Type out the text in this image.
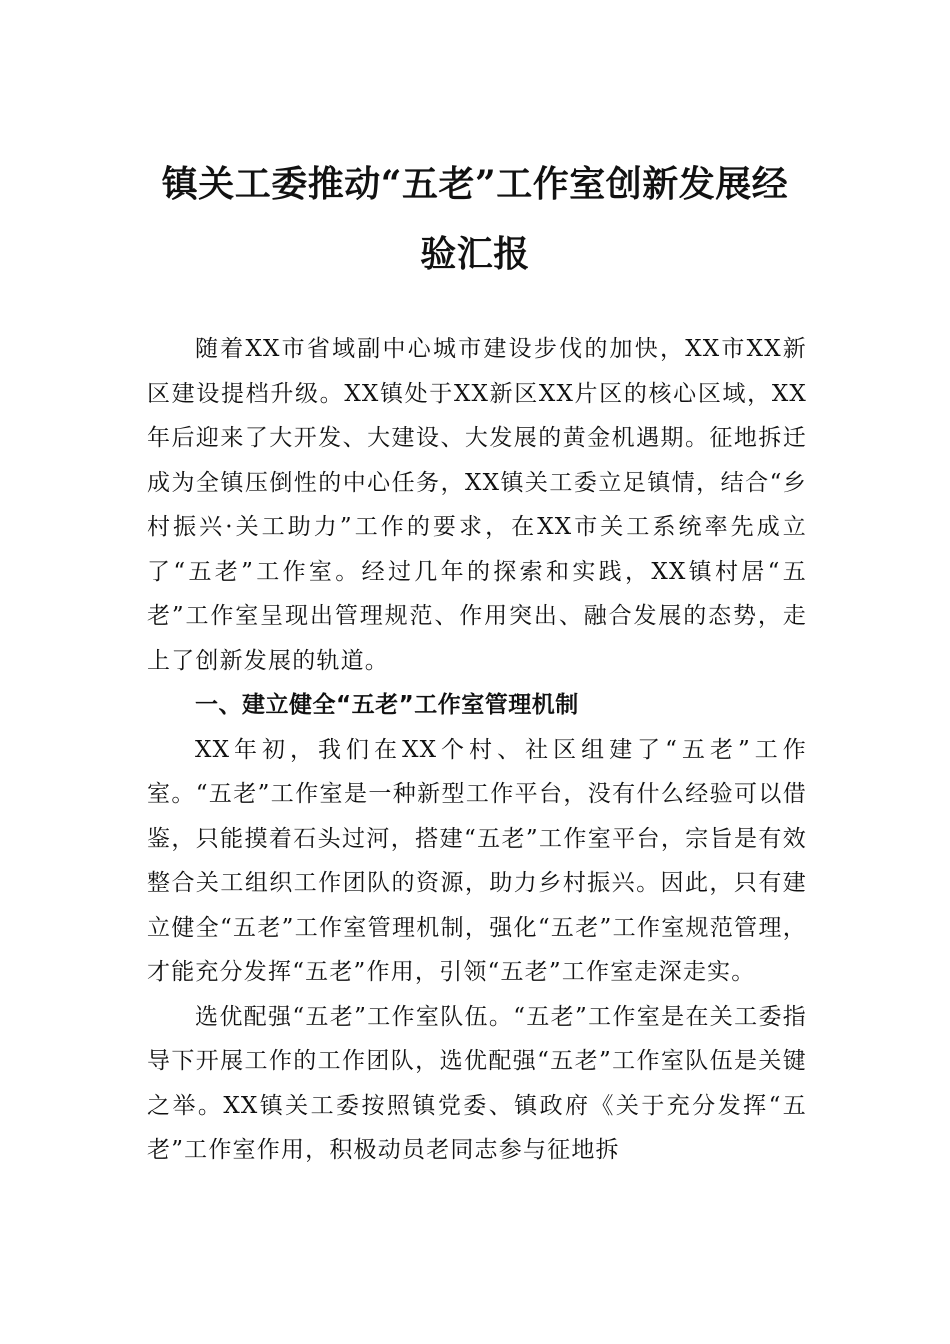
镇关工委推动“五老”工作室创新发展经
验汇报

随着XX市省域副中心城市建设步伐的加快，XX市XX新区建设提档升级。XX镇处于XX新区XX片区的核心区域，XX年后迎来了大开发、大建设、大发展的黄金机遇期。征地拆迁成为全镇压倒性的中心任务，XX镇关工委立足镇情，结合“乡村振兴·关工助力”工作的要求，在XX市关工系统率先成立了“五老”工作室。经过几年的探索和实践，XX镇村居“五老”工作室呈现出管理规范、作用突出、融合发展的态势，走上了创新发展的轨道。

一、建立健全“五老”工作室管理机制

XX年初，我们在XX个村、社区组建了“五老”工作室。“五老”工作室是一种新型工作平台，没有什么经验可以借鉴，只能摸着石头过河，搭建“五老”工作室平台，宗旨是有效整合关工组织工作团队的资源，助力乡村振兴。因此，只有建立健全“五老”工作室管理机制，强化“五老”工作室规范管理，才能充分发挥“五老”作用，引领“五老”工作室走深走实。

选优配强“五老”工作室队伍。“五老”工作室是在关工委指导下开展工作的工作团队，选优配强“五老”工作室队伍是关键之举。XX镇关工委按照镇党委、镇政府《关于充分发挥“五老”工作室作用，积极动员老同志参与征地拆
